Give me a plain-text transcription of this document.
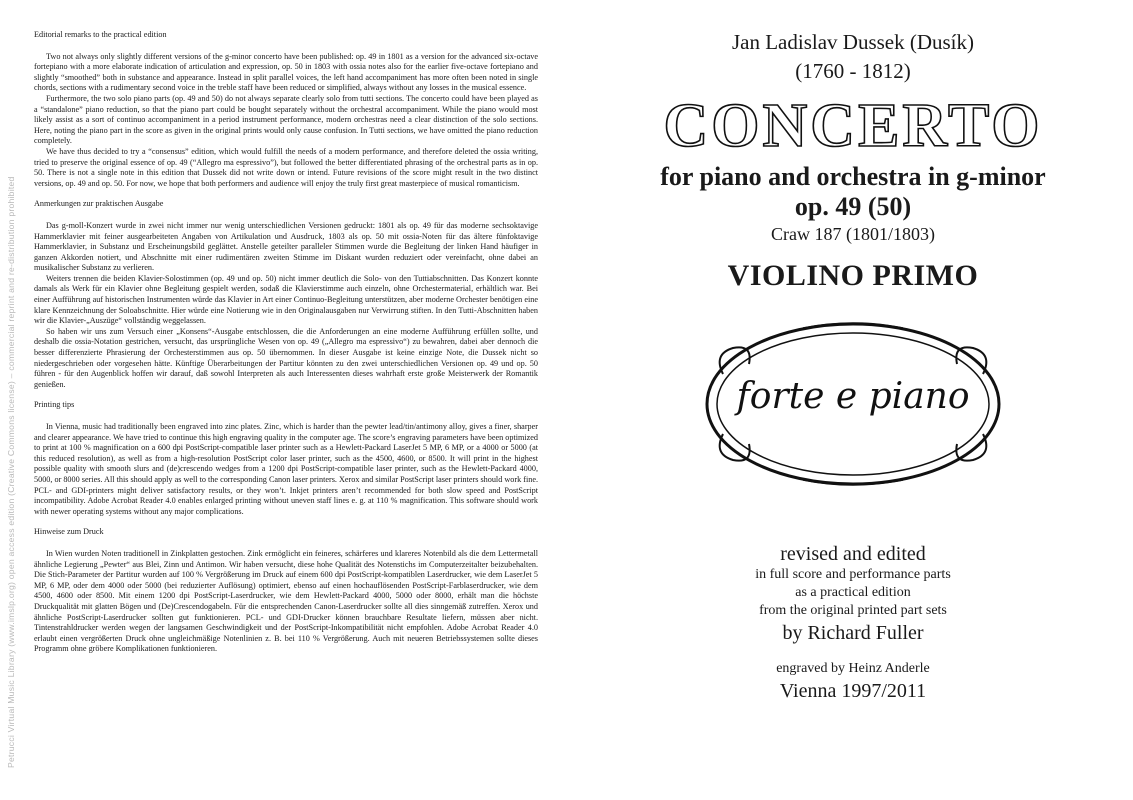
Petrucci Virtual Music Library (www.imslp.org) open access edition (Creative Commons license) – commercial reprint and re-distribution prohibited

Editorial remarks to the practical edition

Two not always only slightly different versions of the g-minor concerto have been published: op. 49 in 1801 as a version for the advanced six-octave fortepiano with a more elaborate indication of articulation and expression, op. 50 in 1803 with ossia notes also for the earlier five-octave fortepiano and slightly “smoothed” both in substance and appearance. Instead in split parallel voices, the left hand accompaniment has more often been noted in single chords, sections with a rudimentary second voice in the treble staff have been reduced or simplified, always without any losses in the musical essence.

Furthermore, the two solo piano parts (op. 49 and 50) do not always separate clearly solo from tutti sections. The concerto could have been played as a “standalone” piano reduction, so that the piano part could be bought separately without the orchestral accompaniment. While the piano would most likely assist as a sort of continuo accompaniment in a period instrument performance, modern orchestras need a clear distinction of the solo sections. Here, noting the piano part in the score as given in the original prints would only cause confusion. In Tutti sections, we have omitted the piano reduction completely.

We have thus decided to try a “consensus” edition, which would fulfill the needs of a modern performance, and therefore deleted the ossia writing, tried to preserve the original essence of op. 49 (“Allegro ma espressivo”), but followed the better differentiated phrasing of the orchestral parts as in op. 50. There is not a single note in this edition that Dussek did not write down or intend. Future revisions of the score might result in the two distinct versions, op. 49 and op. 50. For now, we hope that both performers and audience will enjoy the truly first great masterpiece of musical romanticism.

Anmerkungen zur praktischen Ausgabe

Das g-moll-Konzert wurde in zwei nicht immer nur wenig unterschiedlichen Versionen gedruckt: 1801 als op. 49 für das moderne sechsoktavige Hammerklavier mit feiner ausgearbeiteten Angaben von Artikulation und Ausdruck, 1803 als op. 50 mit ossia-Noten für das ältere fünfoktavige Hammerklavier, in Substanz und Erscheinungsbild geglättet. Anstelle geteilter paralleler Stimmen wurde die Begleitung der linken Hand häufiger in ganzen Akkorden notiert, und Abschnitte mit einer rudimentären zweiten Stimme im Diskant wurden reduziert oder vereinfacht, ohne dabei an musikalischer Substanz zu verlieren.

Weiters trennen die beiden Klavier-Solostimmen (op. 49 und op. 50) nicht immer deutlich die Solo- von den Tuttiabschnitten. Das Konzert konnte damals als Werk für ein Klavier ohne Begleitung gespielt werden, sodaß die Klavierstimme auch einzeln, ohne Orchestermaterial, erhältlich war. Bei einer Aufführung auf historischen Instrumenten würde das Klavier in Art einer Continuo-Begleitung unterstützen, aber moderne Orchester benötigen eine klare Kennzeichnung der Soloabschnitte. Hier würde eine Notierung wie in den Originalausgaben nur Verwirrung stiften. In den Tutti-Abschnitten haben wir die Klavier-„Auszüge“ vollständig weggelassen.

So haben wir uns zum Versuch einer „Konsens“-Ausgabe entschlossen, die die Anforderungen an eine moderne Aufführung erfüllen sollte, und deshalb die ossia-Notation gestrichen, versucht, das ursprüngliche Wesen von op. 49 („Allegro ma espressivo“) zu bewahren, dabei aber dennoch die besser differenzierte Phrasierung der Orchesterstimmen aus op. 50 übernommen. In dieser Ausgabe ist keine einzige Note, die Dussek nicht so niedergeschrieben oder vorgesehen hätte. Künftige Überarbeitungen der Partitur könnten zu den zwei unterschiedlichen Versionen op. 49 und op. 50 führen - für den Augenblick hoffen wir darauf, daß sowohl Interpreten als auch Interessenten dieses wahrhaft erste große Meisterwerk der Romantik genießen.

Printing tips

In Vienna, music had traditionally been engraved into zinc plates. Zinc, which is harder than the pewter lead/tin/antimony alloy, gives a finer, sharper and clearer appearance. We have tried to continue this high engraving quality in the computer age. The score’s engraving parameters have been optimized to print at 100 % magnification on a 600 dpi PostScript-compatible laser printer such as a Hewlett-Packard LaserJet 5 MP, 6 MP, or a 4000 or 5000 (at this reduced resolution), as well as from a high-resolution PostScript color laser printer, such as the 4500, 4600, or 8500. It will print in the highest possible quality with smooth slurs and (de)crescendo wedges from a 1200 dpi PostScript-compatible laser printer, such as the Hewlett-Packard 4000, 5000, or 8000 series. All this should apply as well to the corresponding Canon laser printers. Xerox and similar PostScript laser printers should work fine. PCL- and GDI-printers might deliver satisfactory results, or they won’t. Inkjet printers aren’t recommended for both slow speed and PostScript incompatibility. Adobe Acrobat Reader 4.0 enables enlarged printing without uneven staff lines e. g. at 110 % magnification. This software should work with newer operating systems without any major complications.

Hinweise zum Druck

In Wien wurden Noten traditionell in Zinkplatten gestochen. Zink ermöglicht ein feineres, schärferes und klareres Notenbild als die dem Lettermetall ähnliche Legierung „Pewter“ aus Blei, Zinn und Antimon. Wir haben versucht, diese hohe Qualität des Notenstichs im Computerzeitalter beizubehalten. Die Stich-Parameter der Partitur wurden auf 100 % Vergrößerung im Druck auf einem 600 dpi PostScript-kompatiblen Laserdrucker, wie dem LaserJet 5 MP, 6 MP, oder dem 4000 oder 5000 (bei reduzierter Auflösung) optimiert, ebenso auf einen hochauflösenden PostScript-Farblaserdrucker, wie dem 4500, 4600 oder 8500. Mit einem 1200 dpi PostScript-Laserdrucker, wie dem Hewlett-Packard 4000, 5000 oder 8000, erhält man die höchste Druckqualität mit glatten Bögen und (De)Crescendogabeln. Für die entsprechenden Canon-Laserdrucker sollte all dies sinngemäß zutreffen. Xerox und ähnliche PostScript-Laserdrucker sollten gut funktionieren. PCL- und GDI-Drucker können brauchbare Resultate liefern, müssen aber nicht. Tintenstrahldrucker werden wegen der langsamen Geschwindigkeit und der PostScript-Inkompatibilität nicht empfohlen. Adobe Acrobat Reader 4.0 erlaubt einen vergrößerten Druck ohne ungleichmäßige Notenlinien z. B. bei 110 % Vergrößerung. Auch mit neueren Betriebssystemen sollte dieses Programm ohne gröbere Komplikationen funktionieren.

Jan Ladislav Dussek (Dusík)
(1760 - 1812)
CONCERTO
for piano and orchestra in g-minor
op. 49 (50)
Craw 187 (1801/1803)
VIOLINO PRIMO
forte e piano
revised and edited
in full score and performance parts
as a practical edition
from the original printed part sets
by Richard Fuller
engraved by Heinz Anderle
Vienna 1997/2011
